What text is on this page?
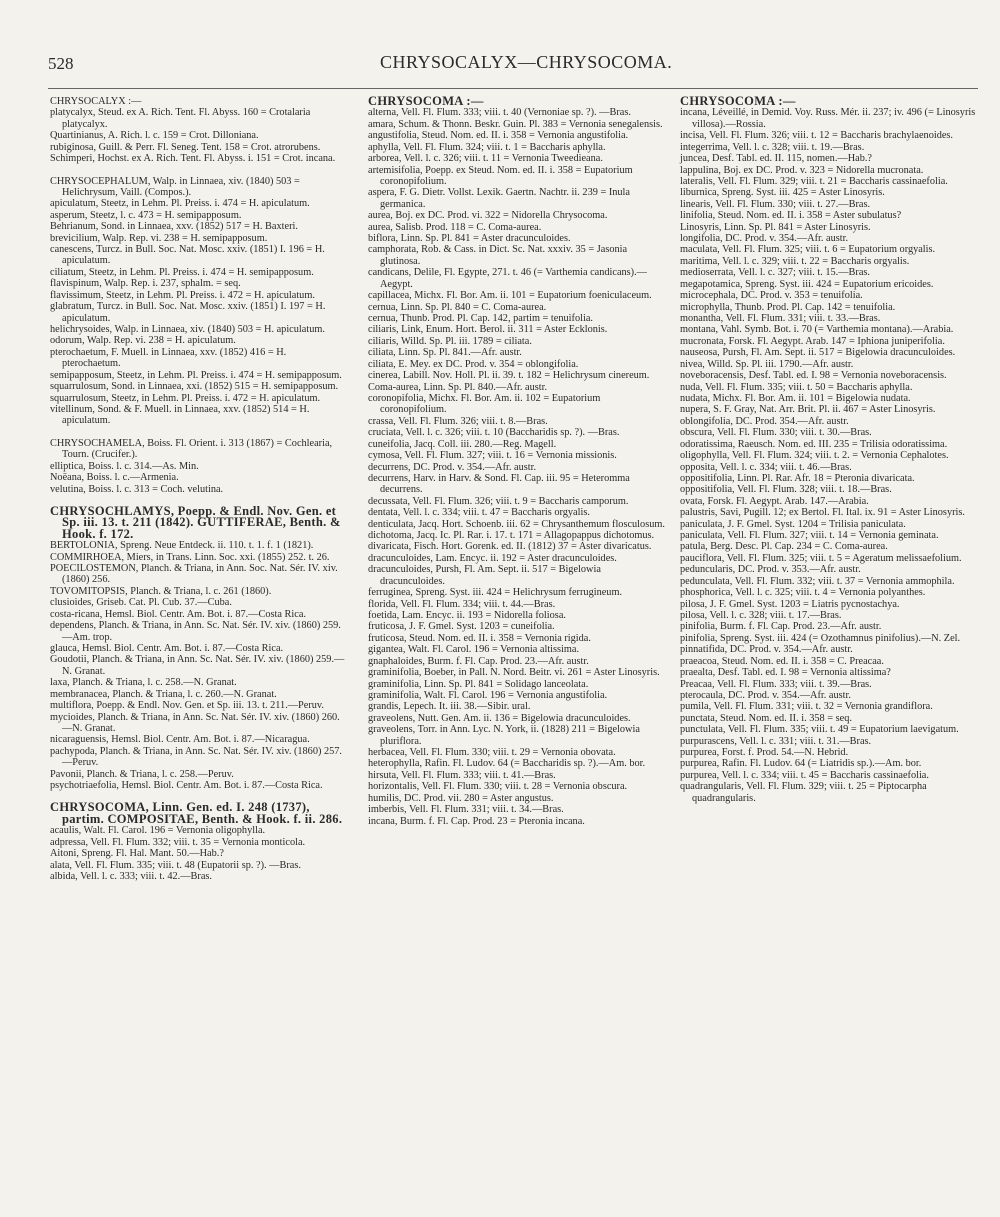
528	CHRYSOCALYX—CHRYSOCOMA.
CHRYSOCALYX :—
platycalyx, Steud. ex A. Rich. Tent. Fl. Abyss. 160 = Crotalaria platycalyx.
Quartinianus, A. Rich. l. c. 159 = Crot. Dilloniana.
rubiginosa, Guill. & Perr. Fl. Seneg. Tent. 158 = Crot. atrorubens.
Schimperi, Hochst. ex A. Rich. Tent. Fl. Abyss. i. 151 = Crot. incana.
CHRYSOCEPHALUM, Walp. in Linnaea, xiv. (1840) 503 = Helichrysum, Vaill. (Compos.).
apiculatum, Steetz, in Lehm. Pl. Preiss. i. 474 = H. apiculatum.
asperum, Steetz, l. c. 473 = H. semipapposum.
Behrianum, Sond. in Linnaea, xxv. (1852) 517 = H. Baxteri.
brevicilium, Walp. Rep. vi. 238 = H. semipapposum.
canescens, Turcz. in Bull. Soc. Nat. Mosc. xxiv. (1851) I. 196 = H. apiculatum.
ciliatum, Steetz, in Lehm. Pl. Preiss. i. 474 = H. semipapposum.
flavispinum, Walp. Rep. i. 237, sphalm. = seq.
flavissimum, Steetz, in Lehm. Pl. Preiss. i. 472 = H. apiculatum.
glabratum, Turcz. in Bull. Soc. Nat. Mosc. xxiv. (1851) I. 197 = H. apiculatum.
helichrysoides, Walp. in Linnaea, xiv. (1840) 503 = H. apiculatum.
odorum, Walp. Rep. vi. 238 = H. apiculatum.
pterochaetum, F. Muell. in Linnaea, xxv. (1852) 416 = H. pterochaetum.
semipapposum, Steetz, in Lehm. Pl. Preiss. i. 474 = H. semipapposum.
squarrulosum, Sond. in Linnaea, xxi. (1852) 515 = H. semipapposum.
squarrulosum, Steetz, in Lehm. Pl. Preiss. i. 472 = H. apiculatum.
vitellinum, Sond. & F. Muell. in Linnaea, xxv. (1852) 514 = H. apiculatum.
CHRYSOCHAMELA, Boiss. Fl. Orient. i. 313 (1867) = Cochlearia, Tourn. (Crucifer.).
elliptica, Boiss. l. c. 314.—As. Min.
Noëana, Boiss. l. c.—Armenia.
velutina, Boiss. l. c. 313 = Coch. velutina.
CHRYSOCHLAMYS, Poepp. & Endl. Nov. Gen. et Sp. iii. 13. t. 211 (1842). GUTTIFERAE, Benth. & Hook. f. 172.
BERTOLONIA, Spreng. Neue Entdeck. ii. 110. t. 1. f. 1 (1821).
COMMIRHOEA, Miers, in Trans. Linn. Soc. xxi. (1855) 252. t. 26.
POECILOSTEMON, Planch. & Triana, in Ann. Soc. Nat. Sér. IV. xiv. (1860) 256.
TOVOMITOPSIS, Planch. & Triana, l. c. 261 (1860).
clusioides, Griseb. Cat. Pl. Cub. 37.—Cuba.
costa-ricana, Hemsl. Biol. Centr. Am. Bot. i. 87.—Costa Rica.
dependens, Planch. & Triana, in Ann. Sc. Nat. Sér. IV. xiv. (1860) 259.—Am. trop.
glauca, Hemsl. Biol. Centr. Am. Bot. i. 87.—Costa Rica.
Goudotii, Planch. & Triana, in Ann. Sc. Nat. Sér. IV. xiv. (1860) 259.—N. Granat.
laxa, Planch. & Triana, l. c. 258.—N. Granat.
membranacea, Planch. & Triana, l. c. 260.—N. Granat.
multiflora, Poepp. & Endl. Nov. Gen. et Sp. iii. 13. t. 211.—Peruv.
mycioides, Planch. & Triana, in Ann. Sc. Nat. Sér. IV. xiv. (1860) 260.—N. Granat.
nicaraguensis, Hemsl. Biol. Centr. Am. Bot. i. 87.—Nicaragua.
pachypoda, Planch. & Triana, in Ann. Sc. Nat. Sér. IV. xiv. (1860) 257.—Peruv.
Pavonii, Planch. & Triana, l. c. 258.—Peruv.
psychotriaefolia, Hemsl. Biol. Centr. Am. Bot. i. 87.—Costa Rica.
CHRYSOCOMA, Linn. Gen. ed. I. 248 (1737), partim. COMPOSITAE, Benth. & Hook. f. ii. 286.
acaulis, Walt. Fl. Carol. 196 = Vernonia oligophylla.
adpressa, Vell. Fl. Flum. 332; viii. t. 35 = Vernonia monticola.
Aitoni, Spreng. Fl. Hal. Mant. 50.—Hab.?
alata, Vell. Fl. Flum. 335; viii. t. 48 (Eupatorii sp. ?). —Bras.
albida, Vell. l. c. 333; viii. t. 42.—Bras.
CHRYSOCOMA :—
alterna, Vell. Fl. Flum. 333; viii. t. 40 (Vernoniae sp. ?). —Bras.
amara, Schum. & Thonn. Beskr. Guin. Pl. 383 = Vernonia senegalensis.
angustifolia, Steud. Nom. ed. II. i. 358 = Vernonia angustifolia.
aphylla, Vell. Fl. Flum. 324; viii. t. 1 = Baccharis aphylla.
arborea, Vell. l. c. 326; viii. t. 11 = Vernonia Tweedieana.
artemisifolia, Poepp. ex Steud. Nom. ed. II. i. 358 = Eupatorium coronopifolium.
aspera, F. G. Dietr. Vollst. Lexik. Gaertn. Nachtr. ii. 239 = Inula germanica.
aurea, Boj. ex DC. Prod. vi. 322 = Nidorella Chrysocoma.
aurea, Salisb. Prod. 118 = C. Coma-aurea.
biflora, Linn. Sp. Pl. 841 = Aster dracunculoides.
camphorata, Rob. & Cass. in Dict. Sc. Nat. xxxiv. 35 = Jasonia glutinosa.
candicans, Delile, Fl. Egypte, 271. t. 46 (= Varthemia candicans).—Aegypt.
capillacea, Michx. Fl. Bor. Am. ii. 101 = Eupatorium foeniculaceum.
cernua, Linn. Sp. Pl. 840 = C. Coma-aurea.
cernua, Thunb. Prod. Pl. Cap. 142, partim = tenuifolia.
ciliaris, Link, Enum. Hort. Berol. ii. 311 = Aster Ecklonis.
ciliaris, Willd. Sp. Pl. iii. 1789 = ciliata.
ciliata, Linn. Sp. Pl. 841.—Afr. austr.
ciliata, E. Mey. ex DC. Prod. v. 354 = oblongifolia.
cinerea, Labill. Nov. Holl. Pl. ii. 39. t. 182 = Helichrysum cinereum.
Coma-aurea, Linn. Sp. Pl. 840.—Afr. austr.
coronopifolia, Michx. Fl. Bor. Am. ii. 102 = Eupatorium coronopifolium.
crassa, Vell. Fl. Flum. 326; viii. t. 8.—Bras.
cruciata, Vell. l. c. 326; viii. t. 10 (Baccharidis sp. ?). —Bras.
cuneifolia, Jacq. Coll. iii. 280.—Reg. Magell.
cymosa, Vell. Fl. Flum. 327; viii. t. 16 = Vernonia missionis.
decurrens, DC. Prod. v. 354.—Afr. austr.
decurrens, Harv. in Harv. & Sond. Fl. Cap. iii. 95 = Heteromma decurrens.
decussata, Vell. Fl. Flum. 326; viii. t. 9 = Baccharis camporum.
dentata, Vell. l. c. 334; viii. t. 47 = Baccharis orgyalis.
denticulata, Jacq. Hort. Schoenb. iii. 62 = Chrysanthemum flosculosum.
dichotoma, Jacq. Ic. Pl. Rar. i. 17. t. 171 = Allagopappus dichotomus.
divaricata, Fisch. Hort. Gorenk. ed. II. (1812) 37 = Aster divaricatus.
dracunculoides, Lam. Encyc. ii. 192 = Aster dracunculoides.
dracunculoides, Pursh, Fl. Am. Sept. ii. 517 = Bigelowia dracunculoides.
ferruginea, Spreng. Syst. iii. 424 = Helichrysum ferrugineum.
florida, Vell. Fl. Flum. 334; viii. t. 44.—Bras.
foetida, Lam. Encyc. ii. 193 = Nidorella foliosa.
fruticosa, J. F. Gmel. Syst. 1203 = cuneifolia.
fruticosa, Steud. Nom. ed. II. i. 358 = Vernonia rigida.
gigantea, Walt. Fl. Carol. 196 = Vernonia altissima.
gnaphaloides, Burm. f. Fl. Cap. Prod. 23.—Afr. austr.
graminifolia, Boeber, in Pall. N. Nord. Beitr. vi. 261 = Aster Linosyris.
graminifolia, Linn. Sp. Pl. 841 = Solidago lanceolata.
graminifolia, Walt. Fl. Carol. 196 = Vernonia angustifolia.
grandis, Lepech. It. iii. 38.—Sibir. ural.
graveolens, Nutt. Gen. Am. ii. 136 = Bigelowia dracunculoides.
graveolens, Torr. in Ann. Lyc. N. York, ii. (1828) 211 = Bigelowia pluriflora.
herbacea, Vell. Fl. Flum. 330; viii. t. 29 = Vernonia obovata.
heterophylla, Rafin. Fl. Ludov. 64 (= Baccharidis sp. ?).—Am. bor.
hirsuta, Vell. Fl. Flum. 333; viii. t. 41.—Bras.
horizontalis, Vell. Fl. Flum. 330; viii. t. 28 = Vernonia obscura.
humilis, DC. Prod. vii. 280 = Aster angustus.
imberbis, Vell. Fl. Flum. 331; viii. t. 34.—Bras.
incana, Burm. f. Fl. Cap. Prod. 23 = Pteronia incana.
CHRYSOCOMA :—
incana, Léveillé, in Demid. Voy. Russ. Mér. ii. 237; iv. 496 (= Linosyris villosa).—Rossia.
incisa, Vell. Fl. Flum. 326; viii. t. 12 = Baccharis brachylaenoides.
integerrima, Vell. l. c. 328; viii. t. 19.—Bras.
juncea, Desf. Tabl. ed. II. 115, nomen.—Hab.?
lappulina, Boj. ex DC. Prod. v. 323 = Nidorella mucronata.
lateralis, Vell. Fl. Flum. 329; viii. t. 21 = Baccharis cassinaefolia.
liburnica, Spreng. Syst. iii. 425 = Aster Linosyris.
linearis, Vell. Fl. Flum. 330; viii. t. 27.—Bras.
linifolia, Steud. Nom. ed. II. i. 358 = Aster subulatus?
Linosyris, Linn. Sp. Pl. 841 = Aster Linosyris.
longifolia, DC. Prod. v. 354.—Afr. austr.
maculata, Vell. Fl. Flum. 325; viii. t. 6 = Eupatorium orgyalis.
maritima, Vell. l. c. 329; viii. t. 22 = Baccharis orgyalis.
medioserrata, Vell. l. c. 327; viii. t. 15.—Bras.
megapotamica, Spreng. Syst. iii. 424 = Eupatorium ericoides.
microcephala, DC. Prod. v. 353 = tenuifolia.
microphylla, Thunb. Prod. Pl. Cap. 142 = tenuifolia.
monantha, Vell. Fl. Flum. 331; viii. t. 33.—Bras.
montana, Vahl. Symb. Bot. i. 70 (= Varthemia montana).—Arabia.
mucronata, Forsk. Fl. Aegypt. Arab. 147 = Iphiona juniperifolia.
nauseosa, Pursh, Fl. Am. Sept. ii. 517 = Bigelowia dracunculoides.
nivea, Willd. Sp. Pl. iii. 1790.—Afr. austr.
noveboracensis, Desf. Tabl. ed. I. 98 = Vernonia noveboracensis.
nuda, Vell. Fl. Flum. 335; viii. t. 50 = Baccharis aphylla.
nudata, Michx. Fl. Bor. Am. ii. 101 = Bigelowia nudata.
nupera, S. F. Gray, Nat. Arr. Brit. Pl. ii. 467 = Aster Linosyris.
oblongifolia, DC. Prod. 354.—Afr. austr.
obscura, Vell. Fl. Flum. 330; viii. t. 30.—Bras.
odoratissima, Raeusch. Nom. ed. III. 235 = Trilisia odoratissima.
oligophylla, Vell. Fl. Flum. 324; viii. t. 2. = Vernonia Cephalotes.
opposita, Vell. l. c. 334; viii. t. 46.—Bras.
oppositifolia, Linn. Pl. Rar. Afr. 18 = Pteronia divaricata.
oppositifolia, Vell. Fl. Flum. 328; viii. t. 18.—Bras.
ovata, Forsk. Fl. Aegypt. Arab. 147.—Arabia.
palustris, Savi, Pugill. 12; ex Bertol. Fl. Ital. ix. 91 = Aster Linosyris.
paniculata, J. F. Gmel. Syst. 1204 = Trilisia paniculata.
paniculata, Vell. Fl. Flum. 327; viii. t. 14 = Vernonia geminata.
patula, Berg. Desc. Pl. Cap. 234 = C. Coma-aurea.
pauciflora, Vell. Fl. Flum. 325; viii. t. 5 = Ageratum melissaefolium.
peduncularis, DC. Prod. v. 353.—Afr. austr.
pedunculata, Vell. Fl. Flum. 332; viii. t. 37 = Vernonia ammophila.
phosphorica, Vell. l. c. 325; viii. t. 4 = Vernonia polyanthes.
pilosa, J. F. Gmel. Syst. 1203 = Liatris pycnostachya.
pilosa, Vell. l. c. 328; viii. t. 17.—Bras.
pinifolia, Burm. f. Fl. Cap. Prod. 23.—Afr. austr.
pinifolia, Spreng. Syst. iii. 424 (= Ozothamnus pinifolius).—N. Zel.
pinnatifida, DC. Prod. v. 354.—Afr. austr.
praeacoa, Steud. Nom. ed. II. i. 358 = C. Preacaa.
praealta, Desf. Tabl. ed. I. 98 = Vernonia altissima?
Preacaa, Vell. Fl. Flum. 333; viii. t. 39.—Bras.
pterocaula, DC. Prod. v. 354.—Afr. austr.
pumila, Vell. Fl. Flum. 331; viii. t. 32 = Vernonia grandiflora.
punctata, Steud. Nom. ed. II. i. 358 = seq.
punctulata, Vell. Fl. Flum. 335; viii. t. 49 = Eupatorium laevigatum.
purpurascens, Vell. l. c. 331; viii. t. 31.—Bras.
purpurea, Forst. f. Prod. 54.—N. Hebrid.
purpurea, Rafin. Fl. Ludov. 64 (= Liatridis sp.).—Am. bor.
purpurea, Vell. l. c. 334; viii. t. 45 = Baccharis cassinaefolia.
quadrangularis, Vell. Fl. Flum. 329; viii. t. 25 = Piptocarpha quadrangularis.
